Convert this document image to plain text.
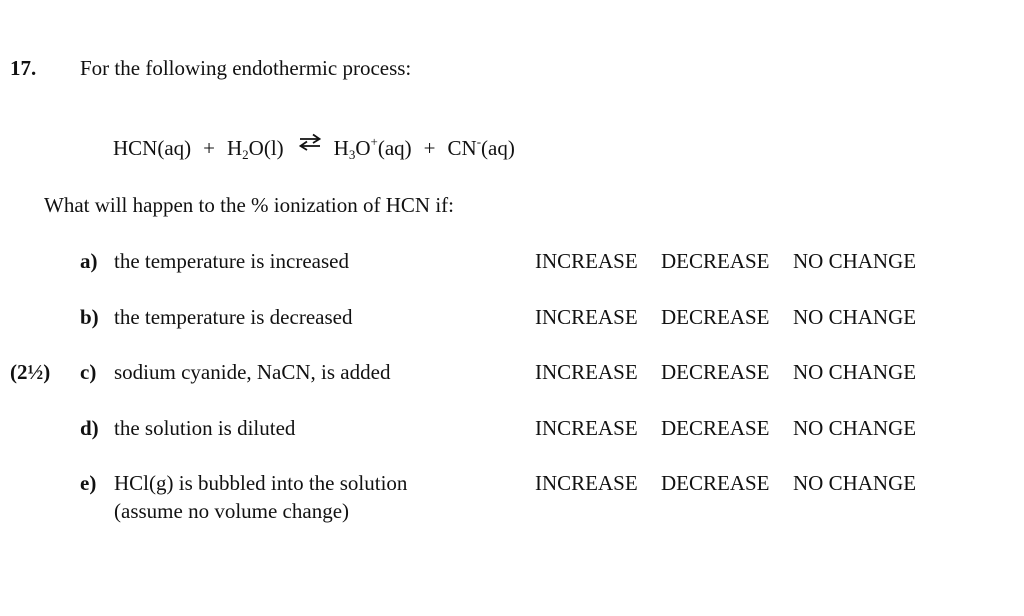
17. For the following endothermic process:
$HCN(aq) + H_2O(l)$ ⇌ $H_3O^+(aq) + CN^-(aq)$
What will happen to the % ionization of HCN if:
(2½)
a) the temperature is increased	INCREASE	DECREASE	NO CHANGE
b) the temperature is decreased	INCREASE	DECREASE	NO CHANGE
c) sodium cyanide, NaCN, is added	INCREASE	DECREASE	NO CHANGE
d) the solution is diluted	INCREASE	DECREASE	NO CHANGE
e) HCl(g) is bubbled into the solution
(assume no volume change)
INCREASE	DECREASE	NO CHANGE
